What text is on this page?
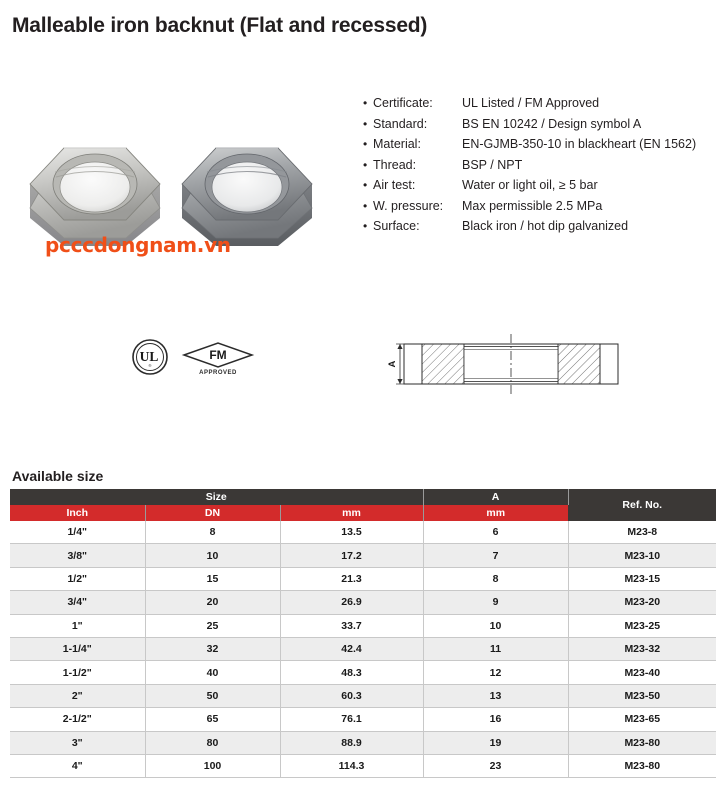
Malleable iron backnut (Flat and recessed)
pcccdongnam.vn
• Certificate:	UL Listed / FM Approved
• Standard:	BS EN 10242 / Design symbol A
• Material:	EN-GJMB-350-10 in blackheart (EN 1562)
• Thread:	BSP / NPT
• Air test:	Water or light oil, ≥ 5 bar
• W. pressure:	Max permissible 2.5 MPa
• Surface:	Black iron / hot dip galvanized
UL
®
FM
APPROVED
A
Available size
Size			A	Ref. No.
Inch	DN	mm	mm	
1/4"	8	13.5	6	M23-8
3/8"	10	17.2	7	M23-10
1/2"	15	21.3	8	M23-15
3/4"	20	26.9	9	M23-20
1"	25	33.7	10	M23-25
1-1/4"	32	42.4	11	M23-32
1-1/2"	40	48.3	12	M23-40
2"	50	60.3	13	M23-50
2-1/2"	65	76.1	16	M23-65
3"	80	88.9	19	M23-80
4"	100	114.3	23	M23-80
